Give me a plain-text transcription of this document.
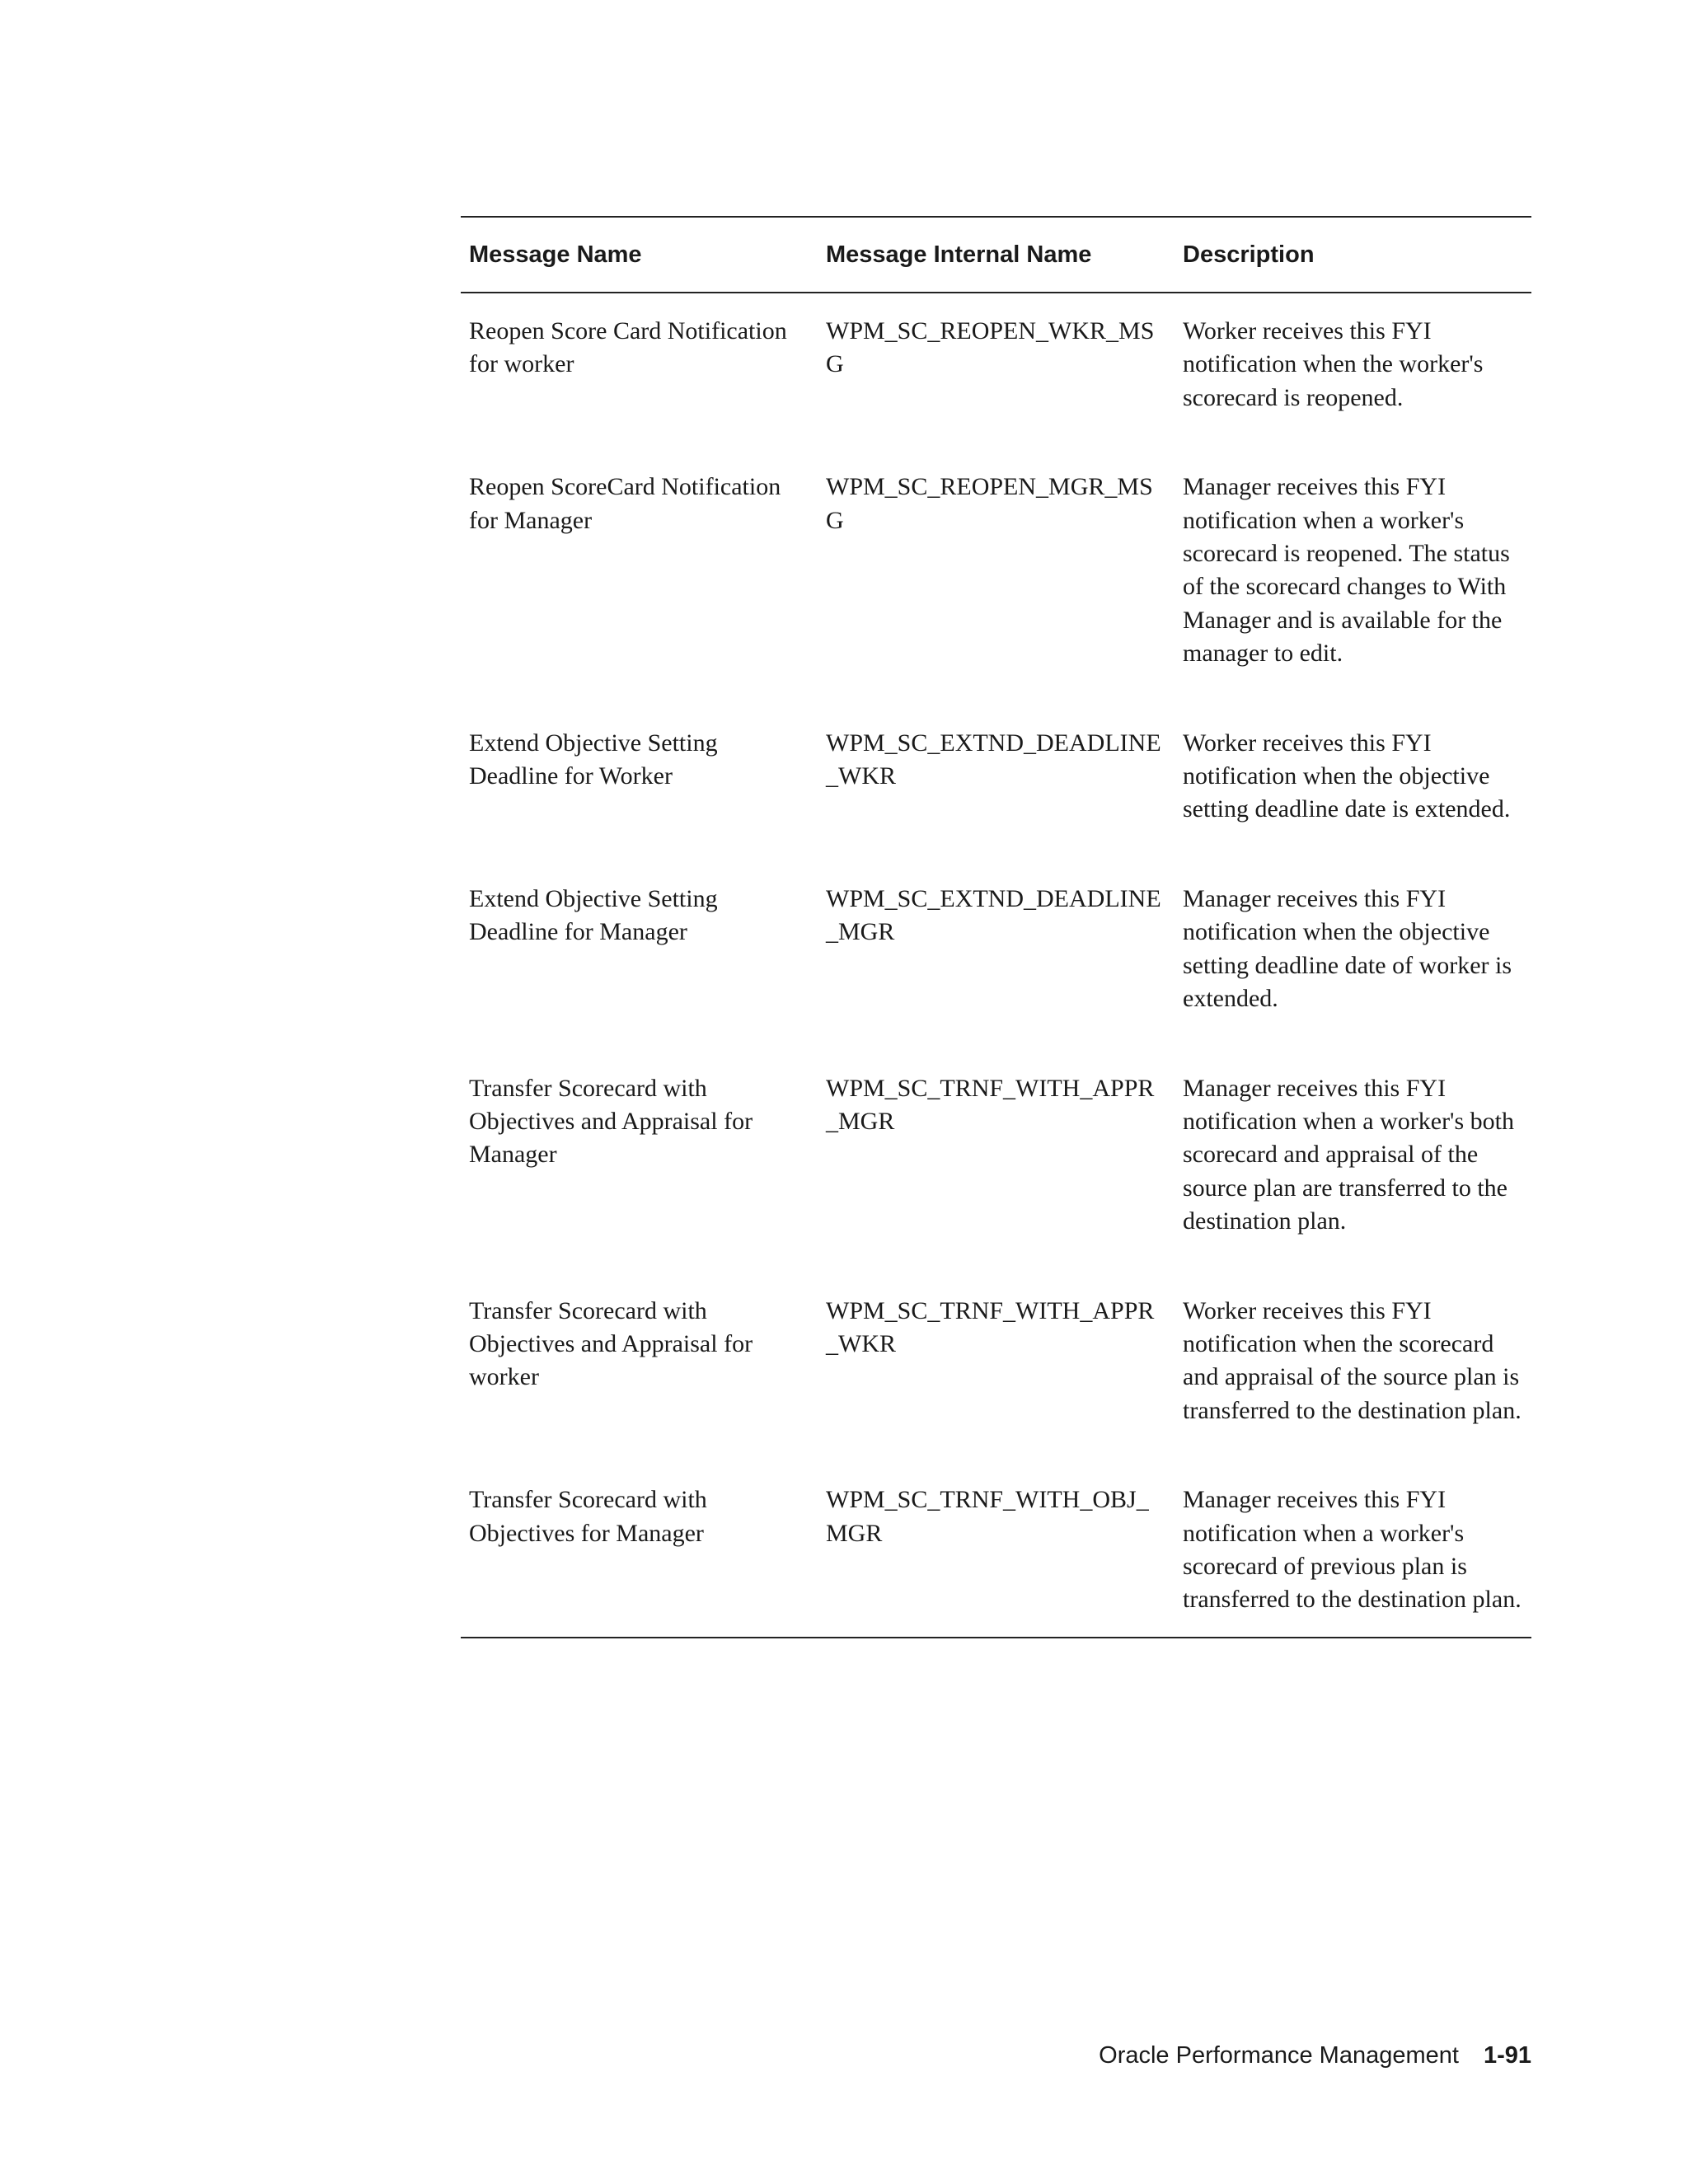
Message Name	Message Internal Name	Description
Reopen Score Card Notification for worker	WPM_SC_REOPEN_WKR_MSG	Worker receives this FYI notification when the worker's scorecard is reopened.
Reopen ScoreCard Notification for Manager	WPM_SC_REOPEN_MGR_MSG	Manager receives this FYI notification when a worker's scorecard is reopened. The status of the scorecard changes to With Manager and is available for the manager to edit.
Extend Objective Setting Deadline for Worker	WPM_SC_EXTND_DEADLINE_WKR	Worker receives this FYI notification when the objective setting deadline date is extended.
Extend Objective Setting Deadline for Manager	WPM_SC_EXTND_DEADLINE_MGR	Manager receives this FYI notification when the objective setting deadline date of worker is extended.
Transfer Scorecard with Objectives and Appraisal for Manager	WPM_SC_TRNF_WITH_APPR_MGR	Manager receives this FYI notification when a worker's both scorecard and appraisal of the source plan are transferred to the destination plan.
Transfer Scorecard with Objectives and Appraisal for worker	WPM_SC_TRNF_WITH_APPR_WKR	Worker receives this FYI notification when the scorecard and appraisal of the source plan is transferred to the destination plan.
Transfer Scorecard with Objectives for Manager	WPM_SC_TRNF_WITH_OBJ_MGR	Manager receives this FYI notification when a worker's scorecard of previous plan is transferred to the destination plan.
Oracle Performance Management 1-91
